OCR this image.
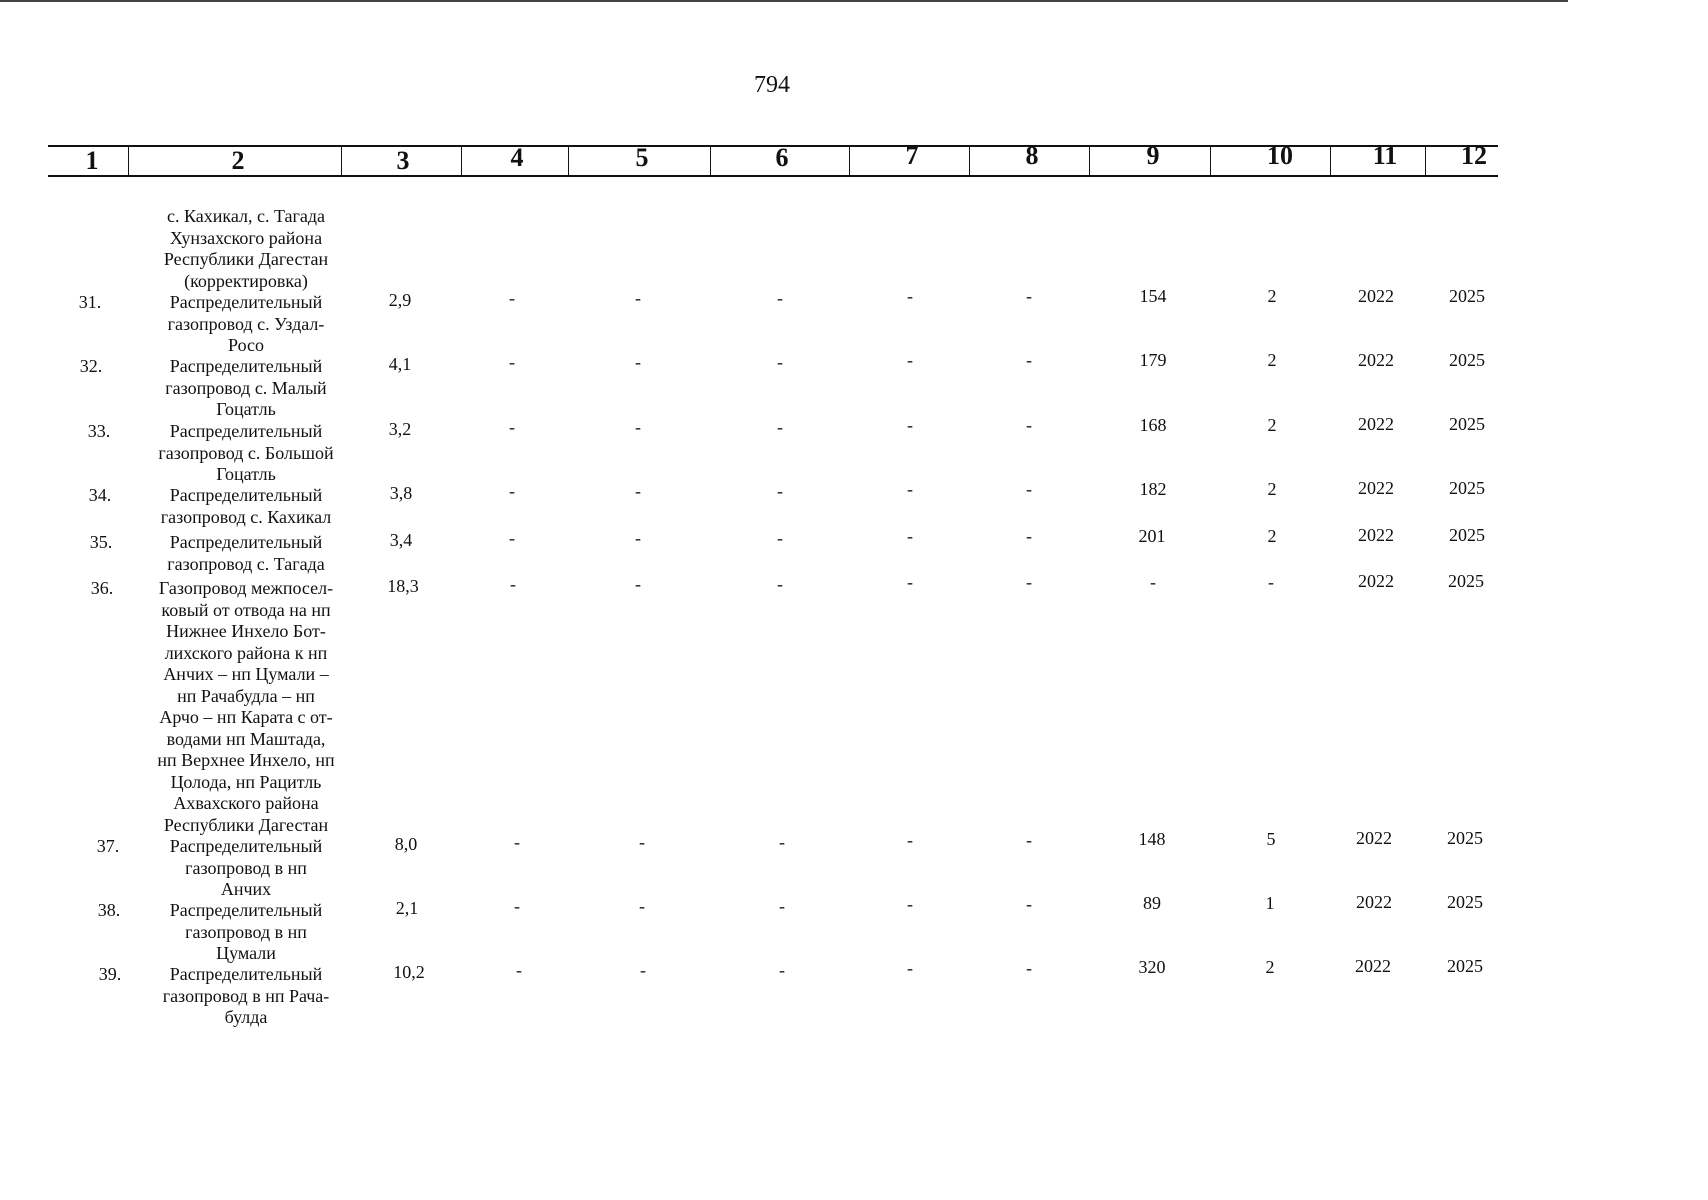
794
1	2	3	4	5	6	7	8	9	10	11 12
с. Кахикал, с. Тагада
Хунзахского района
Республики Дагестан
(корректировка)
31.	Распределительный
газопровод с. Уздал-
Росо
2,9	-	-	-	-	-	154	2	2022	2025
32.	Распределительный
газопровод с. Малый
Гоцатль
4,1	-	-	-	-	-	179	2	2022	2025
33.	Распределительный
газопровод с. Большой
Гоцатль
3,2	-	-	-	-	-	168	2	2022	2025
34.	Распределительный
газопровод с. Кахикал
3,8	-	-	-	-	-	182	2	2022	2025
35.	Распределительный
газопровод с. Тагада
3,4	-	-	-	-	-	201	2	2022	2025
36.	Газопровод межпосел-
ковый от отвода на нп
Нижнее Инхело Бот-
лихского района к нп
Анчих – нп Цумали –
нп Рачабудла – нп
Арчо – нп Карата с от-
водами нп Маштада,
нп Верхнее Инхело, нп
Цолода, нп Рацитль
Ахвахского района
Республики Дагестан
18,3	-	-	-	-	-	-	-	2022	2025
37.	Распределительный
газопровод в нп
Анчих
8,0	-	-	-	-	-	148	5	2022	2025
38.	Распределительный
газопровод в нп
Цумали
2,1	-	-	-	-	-	89	1	2022	2025
39.	Распределительный
газопровод в нп Рача-
булда
10,2	-	-	-	-	-	320	2	2022	2025
